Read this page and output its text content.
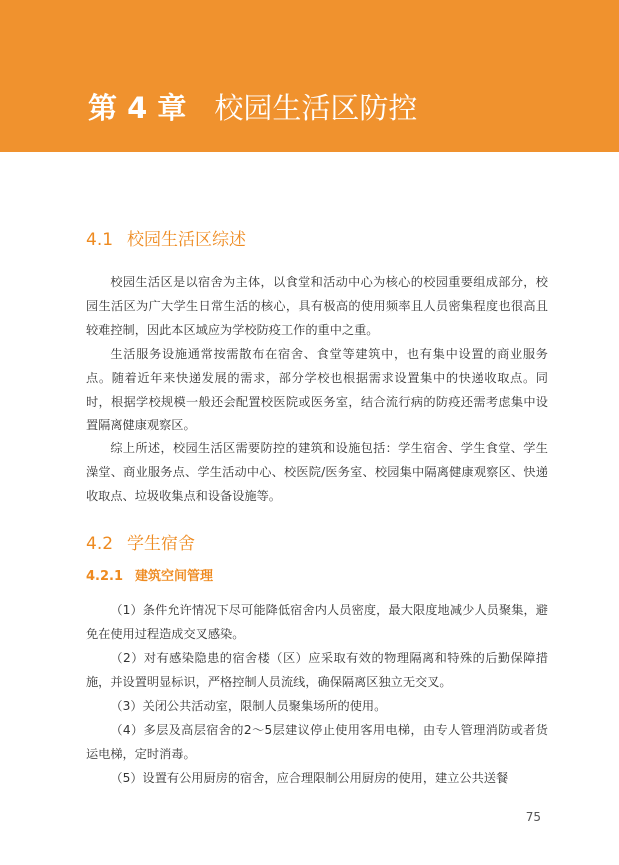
第 4 章 校园生活区防控
4.1 校园生活区综述

校园生活区是以宿舍为主体，以食堂和活动中心为核心的校园重要组成部分，校园生活区为广大学生日常生活的核心，具有极高的使用频率且人员密集程度也很高且较难控制，因此本区域应为学校防疫工作的重中之重。

生活服务设施通常按需散布在宿舍、食堂等建筑中，也有集中设置的商业服务点。随着近年来快递发展的需求，部分学校也根据需求设置集中的快递收取点。同时，根据学校规模一般还会配置校医院或医务室，结合流行病的防疫还需考虑集中设置隔离健康观察区。

综上所述，校园生活区需要防控的建筑和设施包括：学生宿舍、学生食堂、学生澡堂、商业服务点、学生活动中心、校医院/医务室、校园集中隔离健康观察区、快递收取点、垃圾收集点和设备设施等。

4.2 学生宿舍
4.2.1 建筑空间管理

（1）条件允许情况下尽可能降低宿舍内人员密度，最大限度地减少人员聚集，避免在使用过程造成交叉感染。

（2）对有感染隐患的宿舍楼（区）应采取有效的物理隔离和特殊的后勤保障措施，并设置明显标识，严格控制人员流线，确保隔离区独立无交叉。

（3）关闭公共活动室，限制人员聚集场所的使用。

（4）多层及高层宿舍的2～5层建议停止使用客用电梯，由专人管理消防或者货运电梯，定时消毒。

（5）设置有公用厨房的宿舍，应合理限制公用厨房的使用，建立公共送餐

75
